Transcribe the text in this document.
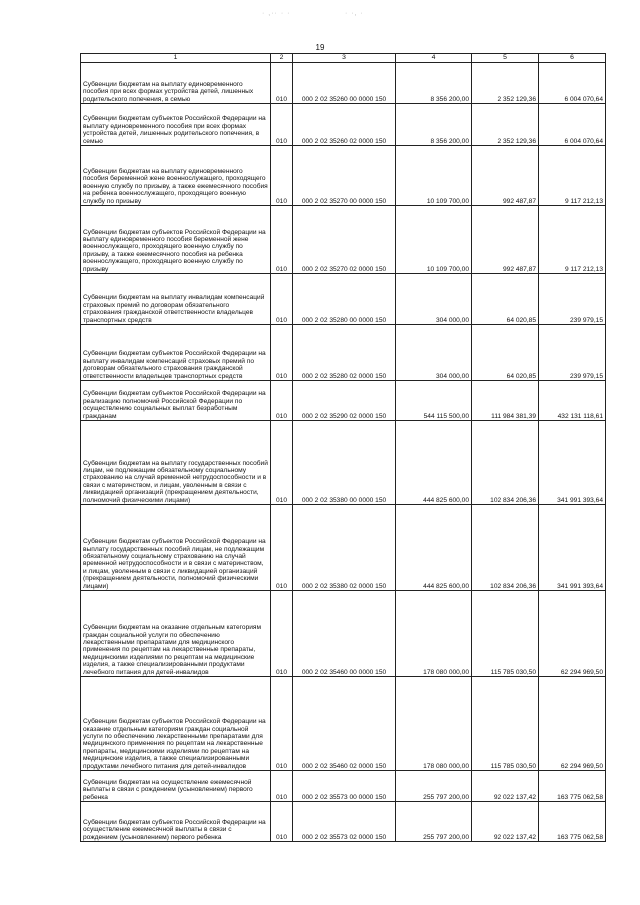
· ,·· · ·	· ·, ·
19
1	2	3	4	5	6
Субвенции бюджетам на выплату единовременного пособия при всех формах устройства детей, лишенных родительского попечения, в семью	010	000 2 02 35260 00 0000 150	8 356 200,00	2 352 129,36	6 004 070,64
Субвенции бюджетам субъектов Российской Федерации на выплату единовременного пособия при всех формах устройства детей, лишенных родительского попечения, в семью	010	000 2 02 35260 02 0000 150	8 356 200,00	2 352 129,36	6 004 070,64
Субвенции бюджетам на выплату единовременного пособия беременной жене военнослужащего, проходящего военную службу по призыву, а также ежемесячного пособия на ребенка военнослужащего, проходящего военную службу по призыву	010	000 2 02 35270 00 0000 150	10 109 700,00	992 487,87	9 117 212,13
Субвенции бюджетам субъектов Российской Федерации на выплату единовременного пособия беременной жене военнослужащего, проходящего военную службу по призыву, а также ежемесячного пособия на ребенка военнослужащего, проходящего военную службу по призыву	010	000 2 02 35270 02 0000 150	10 109 700,00	992 487,87	9 117 212,13
Субвенции бюджетам на выплату инвалидам компенсаций страховых премий по договорам обязательного страхования гражданской ответственности владельцев транспортных средств	010	000 2 02 35280 00 0000 150	304 000,00	64 020,85	239 979,15
Субвенции бюджетам субъектов Российской Федерации на выплату инвалидам компенсаций страховых премий по договорам обязательного страхования гражданской ответственности владельцев транспортных средств	010	000 2 02 35280 02 0000 150	304 000,00	64 020,85	239 979,15
Субвенции бюджетам субъектов Российской Федерации на реализацию полномочий Российской Федерации по осуществлению социальных выплат безработным гражданам	010	000 2 02 35290 02 0000 150	544 115 500,00	111 984 381,39	432 131 118,61
Субвенции бюджетам на выплату государственных пособий лицам, не подлежащим обязательному социальному страхованию на случай временной нетрудоспособности и в связи с материнством, и лицам, уволенным в связи с ликвидацией организаций (прекращением деятельности, полномочий физическими лицами)	010	000 2 02 35380 00 0000 150	444 825 600,00	102 834 206,36	341 991 393,64
Субвенции бюджетам субъектов Российской Федерации на выплату государственных пособий лицам, не подлежащим обязательному социальному страхованию на случай временной нетрудоспособности и в связи с материнством, и лицам, уволенным в связи с ликвидацией организаций (прекращением деятельности, полномочий физическими лицами)	010	000 2 02 35380 02 0000 150	444 825 600,00	102 834 206,36	341 991 393,64
Субвенции бюджетам на оказание отдельным категориям граждан социальной услуги по обеспечению лекарственными препаратами для медицинского применения по рецептам на лекарственные препараты, медицинскими изделиями по рецептам на медицинские изделия, а также специализированными продуктами лечебного питания для детей-инвалидов	010	000 2 02 35460 00 0000 150	178 080 000,00	115 785 030,50	62 294 969,50
Субвенции бюджетам субъектов Российской Федерации на оказание отдельным категориям граждан социальной услуги по обеспечению лекарственными препаратами для медицинского применения по рецептам на лекарственные препараты, медицинскими изделиями по рецептам на медицинские изделия, а также специализированными продуктами лечебного питания для детей-инвалидов	010	000 2 02 35460 02 0000 150	178 080 000,00	115 785 030,50	62 294 969,50
Субвенции бюджетам на осуществление ежемесячной выплаты в связи с рождением (усыновлением) первого ребенка	010	000 2 02 35573 00 0000 150	255 797 200,00	92 022 137,42	163 775 062,58
Субвенции бюджетам субъектов Российской Федерации на осуществление ежемесячной выплаты в связи с рождением (усыновлением) первого ребенка	010	000 2 02 35573 02 0000 150	255 797 200,00	92 022 137,42	163 775 062,58
